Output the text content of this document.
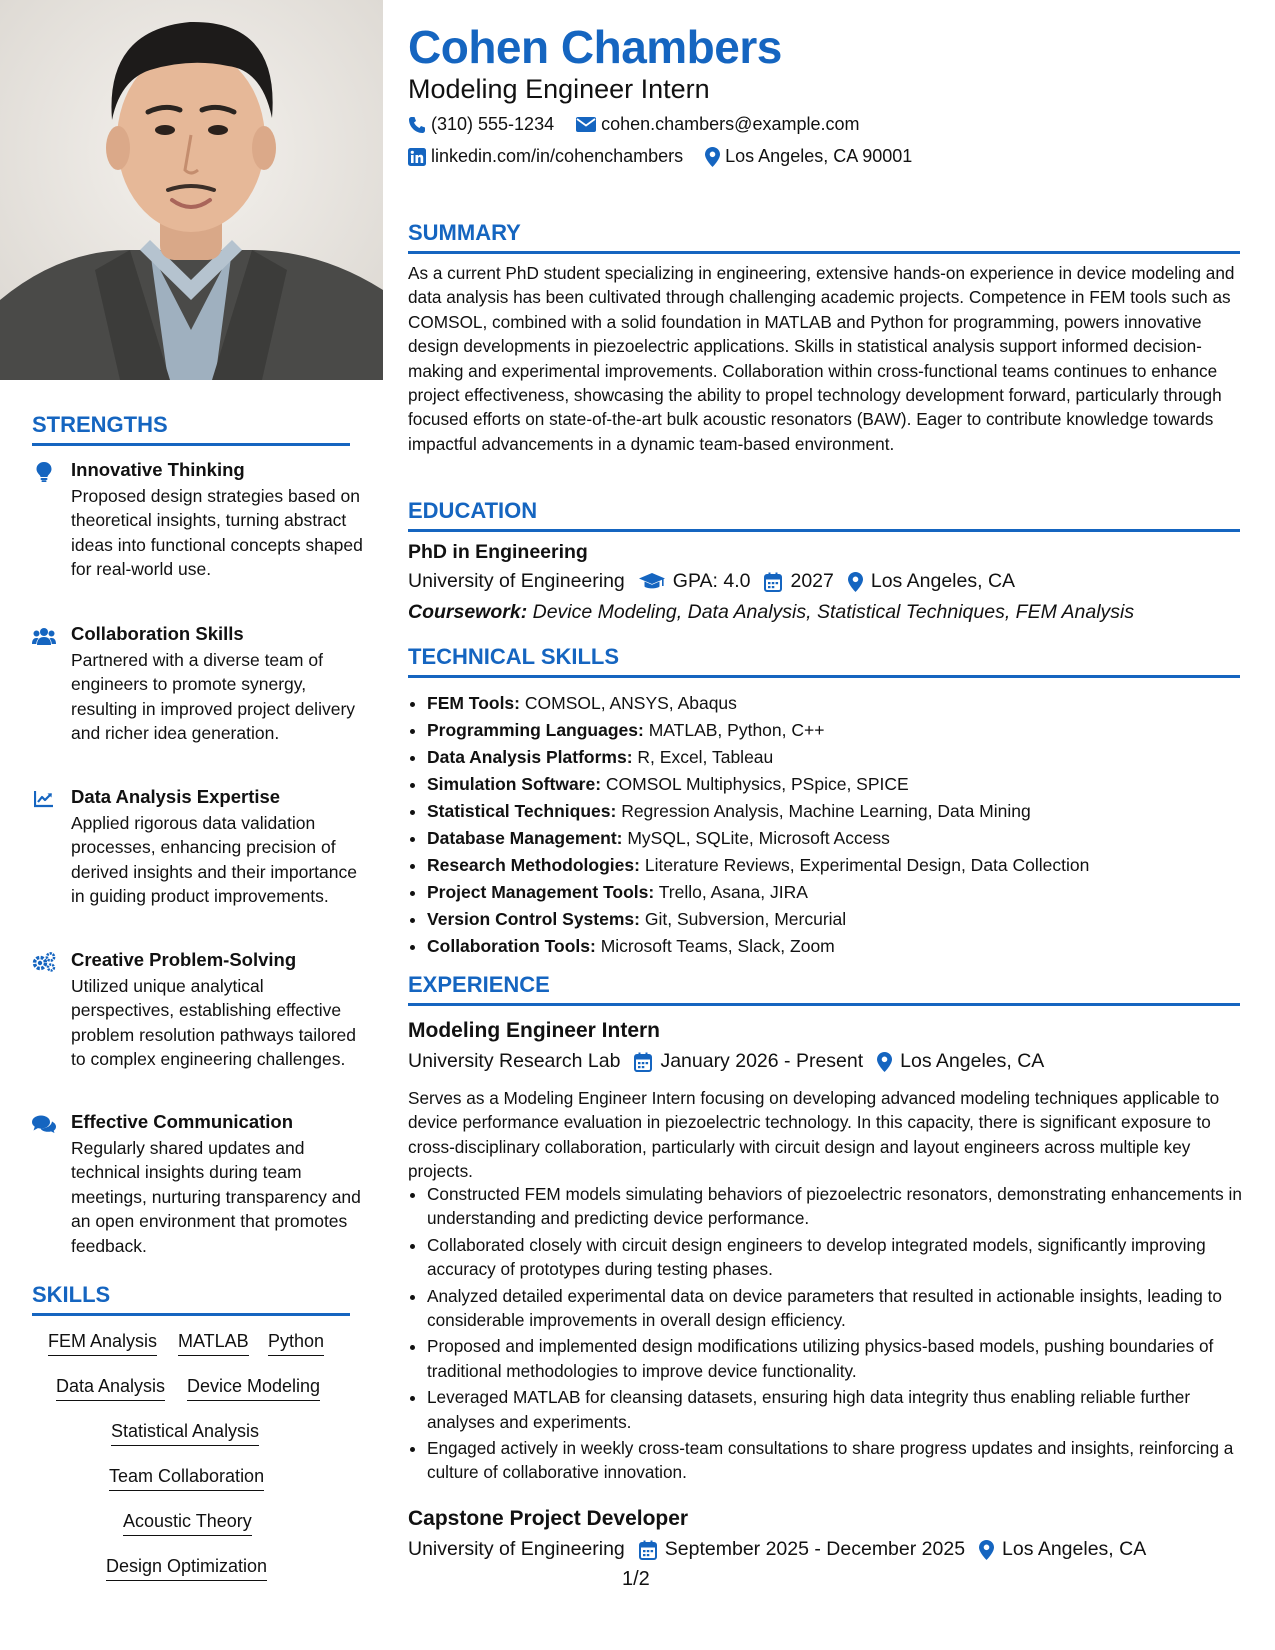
STRENGTHS
Innovative Thinking

Proposed design strategies based on theoretical insights, turning abstract ideas into functional concepts shaped for real-world use.

Collaboration Skills

Partnered with a diverse team of engineers to promote synergy, resulting in improved project delivery and richer idea generation.

Data Analysis Expertise

Applied rigorous data validation processes, enhancing precision of derived insights and their importance in guiding product improvements.

Creative Problem-Solving

Utilized unique analytical perspectives, establishing effective problem resolution pathways tailored to complex engineering challenges.

Effective Communication

Regularly shared updates and technical insights during team meetings, nurturing transparency and an open environment that promotes feedback.

SKILLS
FEM Analysis MATLAB Python
Data Analysis Device Modeling
Statistical Analysis
Team Collaboration
Acoustic Theory
Design Optimization
Cohen Chambers
Modeling Engineer Intern
(310) 555-1234	cohen.chambers@example.com
linkedin.com/in/cohenchambers Los Angeles, CA 90001
SUMMARY

As a current PhD student specializing in engineering, extensive hands-on experience in device modeling and data analysis has been cultivated through challenging academic projects. Competence in FEM tools such as COMSOL, combined with a solid foundation in MATLAB and Python for programming, powers innovative design developments in piezoelectric applications. Skills in statistical analysis support informed decision-making and experimental improvements. Collaboration within cross-functional teams continues to enhance project effectiveness, showcasing the ability to propel technology development forward, particularly through focused efforts on state-of-the-art bulk acoustic resonators (BAW). Eager to contribute knowledge towards impactful advancements in a dynamic team-based environment.

EDUCATION
PhD in Engineering
University of Engineering GPA: 4.0 2027 Los Angeles, CA
Coursework: Device Modeling, Data Analysis, Statistical Techniques, FEM Analysis
TECHNICAL SKILLS
• FEM Tools: COMSOL, ANSYS, Abaqus
• Programming Languages: MATLAB, Python, C++
• Data Analysis Platforms: R, Excel, Tableau
• Simulation Software: COMSOL Multiphysics, PSpice, SPICE
• Statistical Techniques: Regression Analysis, Machine Learning, Data Mining
• Database Management: MySQL, SQLite, Microsoft Access
• Research Methodologies: Literature Reviews, Experimental Design, Data Collection
• Project Management Tools: Trello, Asana, JIRA
• Version Control Systems: Git, Subversion, Mercurial
• Collaboration Tools: Microsoft Teams, Slack, Zoom
EXPERIENCE
Modeling Engineer Intern
University Research Lab January 2026 - Present Los Angeles, CA

Serves as a Modeling Engineer Intern focusing on developing advanced modeling techniques applicable to device performance evaluation in piezoelectric technology. In this capacity, there is significant exposure to cross-disciplinary collaboration, particularly with circuit design and layout engineers across multiple key projects.

• Constructed FEM models simulating behaviors of piezoelectric resonators, demonstrating enhancements in understanding and predicting device performance.
• Collaborated closely with circuit design engineers to develop integrated models, significantly improving accuracy of prototypes during testing phases.
• Analyzed detailed experimental data on device parameters that resulted in actionable insights, leading to considerable improvements in overall design efficiency.
• Proposed and implemented design modifications utilizing physics-based models, pushing boundaries of traditional methodologies to improve device functionality.
• Leveraged MATLAB for cleansing datasets, ensuring high data integrity thus enabling reliable further analyses and experiments.
• Engaged actively in weekly cross-team consultations to share progress updates and insights, reinforcing a culture of collaborative innovation.
Capstone Project Developer
University of Engineering September 2025 - December 2025 Los Angeles, CA
1/2
